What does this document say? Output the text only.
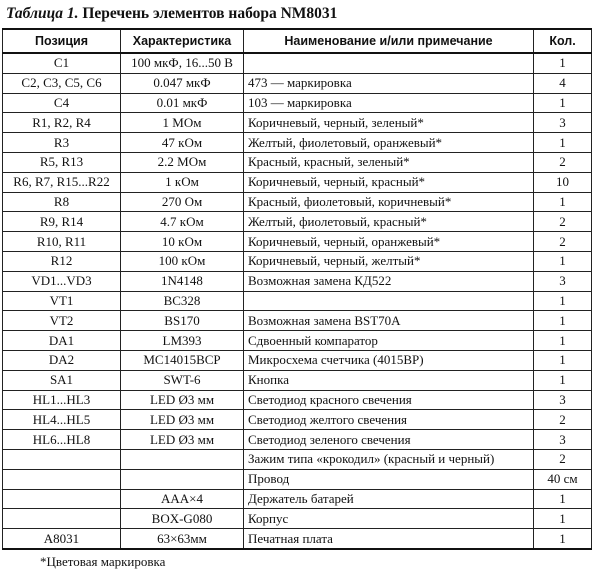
Таблица 1. Перечень элементов набора NM8031
Позиция	Характеристика	Наименование и/или примечание	Кол.
C1	100 мкФ, 16...50 В		1
C2, C3, C5, C6	0.047 мкФ	473 — маркировка	4
C4	0.01 мкФ	103 — маркировка	1
R1, R2, R4	1 МОм	Коричневый, черный, зеленый*	3
R3	47 кОм	Желтый, фиолетовый, оранжевый*	1
R5, R13	2.2 МОм	Красный, красный, зеленый*	2
R6, R7, R15...R22	1 кОм	Коричневый, черный, красный*	10
R8	270 Ом	Красный, фиолетовый, коричневый*	1
R9, R14	4.7 кОм	Желтый, фиолетовый, красный*	2
R10, R11	10 кОм	Коричневый, черный, оранжевый*	2
R12	100 кОм	Коричневый, черный, желтый*	1
VD1...VD3	1N4148	Возможная замена КД522	3
VT1	BC328		1
VT2	BS170	Возможная замена BST70A	1
DA1	LM393	Сдвоенный компаратор	1
DA2	MC14015BCP	Микросхема счетчика (4015ВР)	1
SA1	SWT-6	Кнопка	1
HL1...HL3	LED Ø3 мм	Светодиод красного свечения	3
HL4...HL5	LED Ø3 мм	Светодиод желтого свечения	2
HL6...HL8	LED Ø3 мм	Светодиод зеленого свечения	3
		Зажим типа «крокодил» (красный и черный)	2
		Провод	40 см
	AAA×4	Держатель батарей	1
	BOX-G080	Корпус	1
A8031	63×63мм	Печатная плата	1
*Цветовая маркировка
